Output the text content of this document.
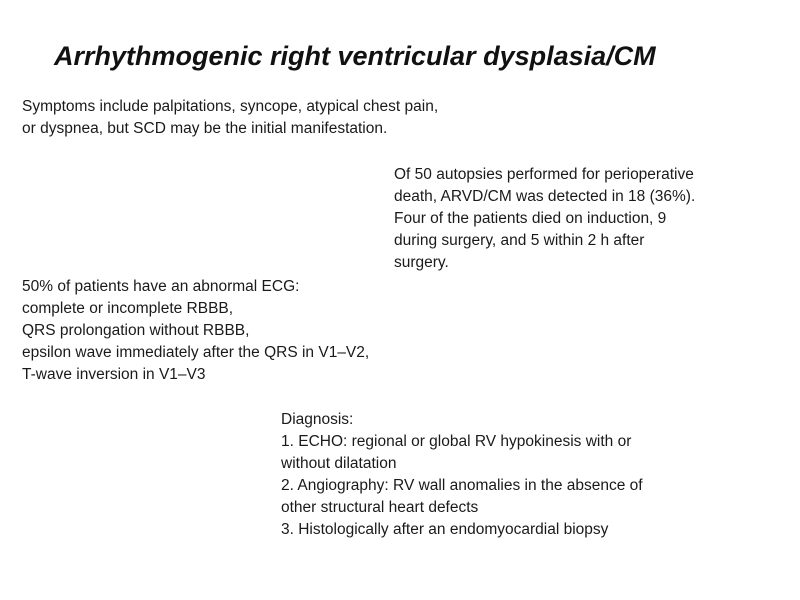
Arrhythmogenic right ventricular dysplasia/CM

Symptoms include palpitations, syncope, atypical chest pain,
or dyspnea, but SCD may be the initial manifestation.

Of 50 autopsies performed for perioperative
death, ARVD/CM was detected in 18 (36%).
Four of the patients died on induction, 9
during surgery, and 5 within 2 h after
surgery.

50% of patients have an abnormal ECG:
complete or incomplete RBBB,
QRS prolongation without RBBB,
epsilon wave immediately after the QRS in V1–V2,
T-wave inversion in V1–V3

Diagnosis:
1. ECHO: regional or global RV hypokinesis with or
without dilatation
2. Angiography: RV wall anomalies in the absence of
other structural heart defects
3. Histologically after an endomyocardial biopsy
